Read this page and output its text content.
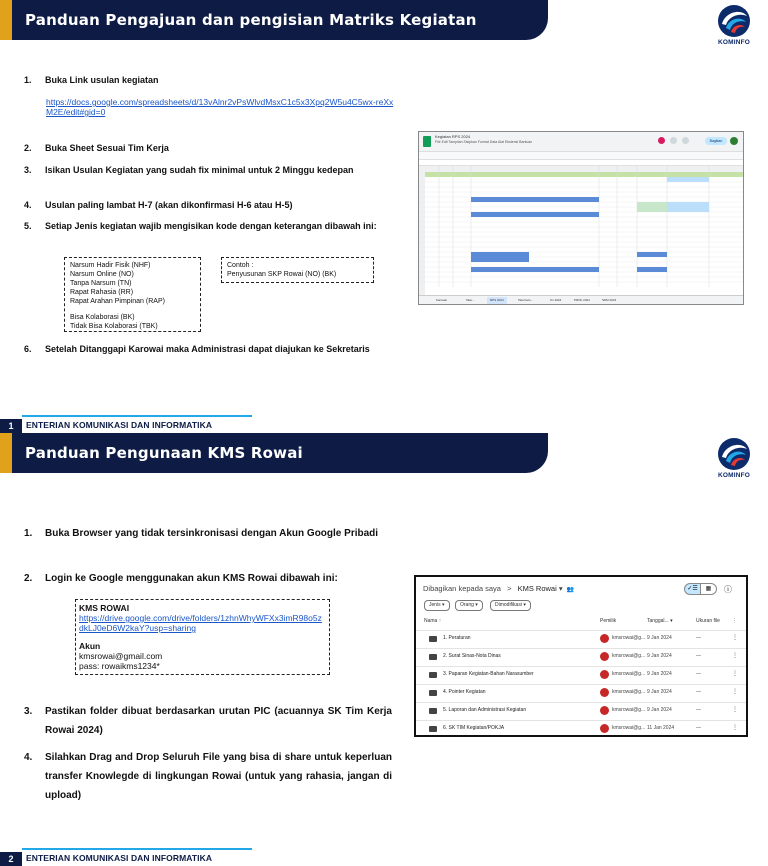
Panduan Pengajuan dan pengisian Matriks Kegiatan
KOMINFO
1. Buka Link usulan kegiatan
https://docs.google.com/spreadsheets/d/13vAlnr2vPsWlvdMsxC1c5x3Xpq2W5u4C5wx-reXxM2E/edit#gid=0
2. Buka Sheet Sesuai Tim Kerja
3. Isikan Usulan Kegiatan yang sudah fix minimal untuk 2 Minggu kedepan
4. Usulan paling lambat H-7 (akan dikonfirmasi H-6 atau H-5)
5. Setiap Jenis kegiatan wajib mengisikan kode dengan keterangan dibawah ini:
Narsum Hadir Fisik (NHF)
Narsum Online (NO)
Tanpa Narsum (TN)
Rapat Rahasia (RR)
Rapat Arahan Pimpinan (RAP)
Bisa Kolaborasi (BK)
Tidak Bisa Kolaborasi (TBK)
Contoh :
Penyusunan SKP Rowai (NO) (BK)
6. Setelah Ditanggapi Karowai maka Administrasi dapat diajukan ke Sekretaris
Kegiatan RPS 2024
File Edit Tampilan Sisipkan Format Data Alat Ekstensi Bantuan	Bagikan
Karowai	Tata...	RPS 2024	Tata Kelo...	Un 2024	PROF 2024	SDM 2024
1	ENTERIAN KOMUNIKASI DAN INFORMATIKA
Panduan Pengunaan KMS Rowai
KOMINFO
1. Buka Browser yang tidak tersinkronisasi dengan Akun Google Pribadi
2. Login ke Google menggunakan akun KMS Rowai dibawah ini:
KMS ROWAI
https://drive.google.com/drive/folders/1zhnWhyWFXx3imR98o5zdkLJ0eD6W2kaY?usp=sharing
Akun
kmsrowai@gmail.com
pass: rowaikms1234*
3. Pastikan folder dibuat berdasarkan urutan PIC (acuannya SK Tim Kerja Rowai 2024)
4. Silahkan Drag and Drop Seluruh File yang bisa di share untuk keperluan transfer Knowlegde di lingkungan Rowai (untuk yang rahasia, jangan di upload)
Dibagikan kepada saya > KMS Rowai ▾ 👥	✓☰	▦	ⓘ
Jenis ▾	Orang ▾	Dimodifikasi ▾
Nama ↑	Pemilik	Tanggal... ▾	Ukuran file ⋮
1. Peraturan	kmsrowai@g... 9 Jan 2024	—	⋮
2. Surat Sinas-Nota Dinas	kmsrowai@g... 9 Jan 2024	—	⋮
3. Paparan Kegiatan-Bahan Narasumber	kmsrowai@g... 9 Jan 2024	—	⋮
4. Pointer Kegiatan	kmsrowai@g... 9 Jan 2024	—	⋮
5. Laporan dan Administrasi Kegiatan	kmsrowai@g... 9 Jan 2024	—	⋮
6. SK TIM Kegiatan/POKJA	kmsrowai@g... 11 Jan 2024	—	⋮
2	ENTERIAN KOMUNIKASI DAN INFORMATIKA
